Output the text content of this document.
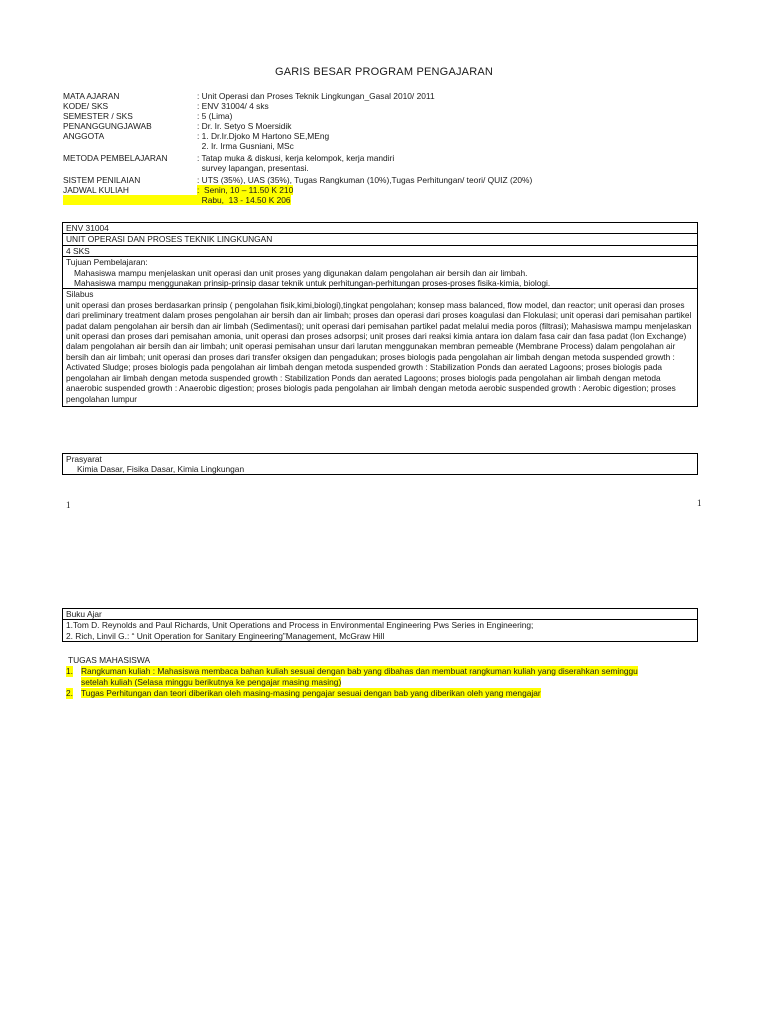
GARIS BESAR PROGRAM PENGAJARAN
MATA AJARAN	: Unit Operasi dan Proses Teknik Lingkungan_Gasal 2010/ 2011
KODE/ SKS	: ENV 31004/ 4 sks
SEMESTER / SKS	: 5 (Lima)
PENANGGUNGJAWAB	: Dr. Ir. Setyo S Moersidik
ANGGOTA	: 1. Dr.Ir.Djoko M Hartono SE,MEng
2. Ir. Irma Gusniani, MSc
METODA PEMBELAJARAN	: Tatap muka & diskusi, kerja kelompok, kerja mandiri
survey lapangan, presentasi.
SISTEM PENILAIAN	: UTS (35%), UAS (35%), Tugas Rangkuman (10%),Tugas Perhitungan/ teori/ QUIZ (20%)
JADWAL KULIAH	:  Senin, 10 – 11.50 K 210
Rabu,  13 - 14.50 K 206
ENV 31004
UNIT OPERASI DAN PROSES TEKNIK LINGKUNGAN
4 SKS
Tujuan Pembelajaran:
Mahasiswa mampu menjelaskan unit operasi dan unit proses yang digunakan dalam pengolahan air bersih dan air limbah.
Mahasiswa mampu menggunakan prinsip-prinsip dasar teknik untuk perhitungan-perhitungan proses-proses fisika-kimia, biologi.
Silabus
unit operasi dan proses berdasarkan prinsip ( pengolahan fisik,kimi,biologi),tingkat pengolahan; konsep mass balanced, flow model, dan reactor; unit operasi dan proses dari preliminary treatment dalam proses pengolahan air bersih dan air limbah; proses dan operasi dari proses koagulasi dan Flokulasi; unit operasi dari pemisahan partikel padat dalam pengolahan air bersih dan air limbah (Sedimentasi); unit operasi dari pemisahan partikel padat melalui media poros (filtrasi); Mahasiswa mampu menjelaskan unit operasi dan proses dari pemisahan amonia, unit operasi dan proses adsorpsi; unit proses dari reaksi kimia antara ion dalam fasa cair dan fasa padat (Ion Exchange) dalam pengolahan air bersih dan air limbah; unit operasi pemisahan unsur dari larutan menggunakan membran pemeable (Membrane Process) dalam pengolahan air bersih dan air limbah; unit operasi dan proses dari transfer oksigen dan pengadukan; proses biologis pada pengolahan air limbah dengan metoda suspended growth : Activated Sludge; proses biologis pada pengolahan air limbah dengan metoda suspended growth : Stabilization Ponds dan aerated Lagoons; proses biologis pada pengolahan air limbah dengan metoda suspended growth : Stabilization Ponds dan aerated Lagoons; proses biologis pada pengolahan air limbah dengan metoda anaerobic suspended growth : Anaerobic digestion; proses biologis pada pengolahan air limbah dengan metoda aerobic suspended growth : Aerobic digestion; proses pengolahan lumpur
Prasyarat
Kimia Dasar, Fisika Dasar, Kimia Lingkungan
1	1
Buku Ajar
1.Tom D. Reynolds and Paul Richards, Unit Operations and Process in Environmental Engineering Pws Series in Engineering;
2. Rich, Linvil G.: “ Unit Operation for Sanitary Engineering”Management, McGraw Hill
TUGAS MAHASISWA
1. Rangkuman kuliah : Mahasiswa membaca bahan kuliah sesuai dengan bab yang dibahas dan membuat rangkuman kuliah yang diserahkan seminggu
setelah kuliah (Selasa minggu berikutnya ke pengajar masing masing)
2. Tugas Perhitungan dan teori diberikan oleh masing-masing pengajar sesuai dengan bab yang diberikan oleh yang mengajar
